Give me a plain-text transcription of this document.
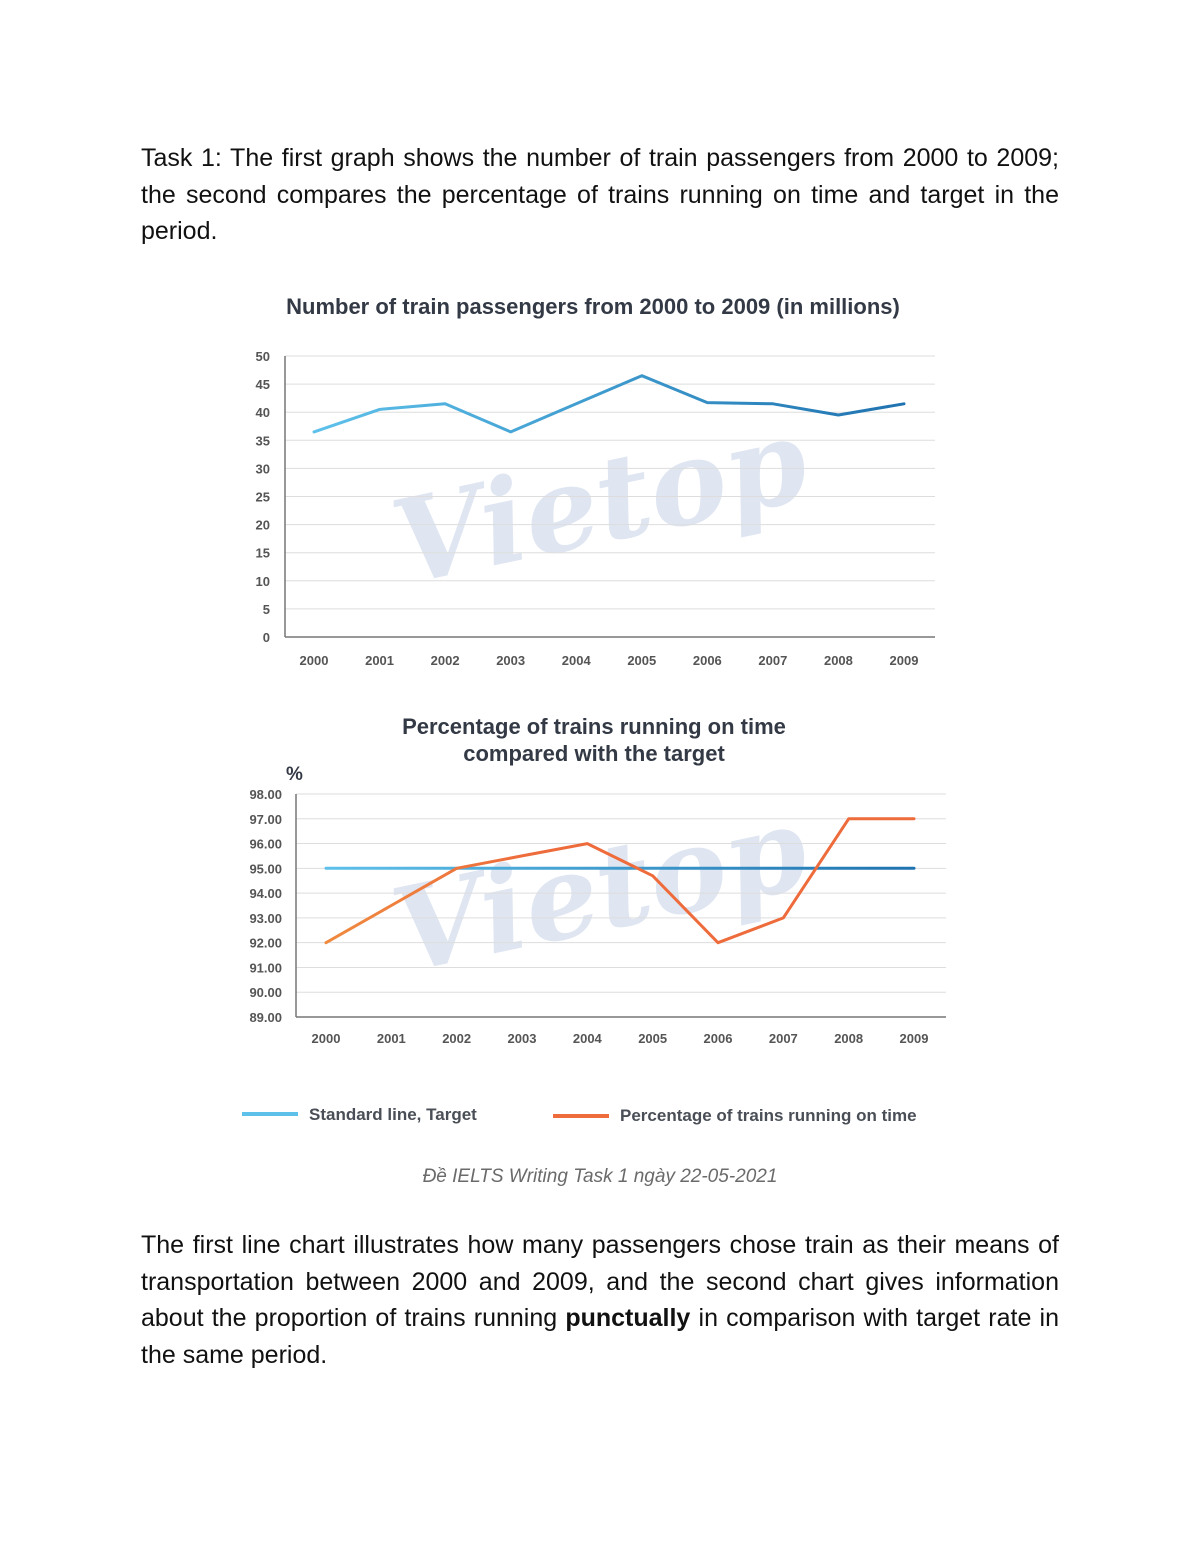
Task 1: The first graph shows the number of train passengers from 2000 to 2009; the second compares the percentage of trains running on time and target in the period.
Vietop
Number of train passengers from 2000 to 2009 (in millions)
0
5
10
15
20
25
30
35
40
45
50
2000	2001	2002	2003	2004	2005	2006	2007	2008	2009
Vietop
Percentage of trains running on time
compared with the target
%
89.00
90.00
91.00
92.00
93.00
94.00
95.00
96.00
97.00
98.00
2000	2001	2002	2003	2004	2005	2006	2007	2008	2009
Standard line, Target	Percentage of trains running on time
Đề IELTS Writing Task 1 ngày 22-05-2021
The first line chart illustrates how many passengers chose train as their means of transportation between 2000 and 2009, and the second chart gives information about the proportion of trains running punctually in comparison with target rate in the same period.
